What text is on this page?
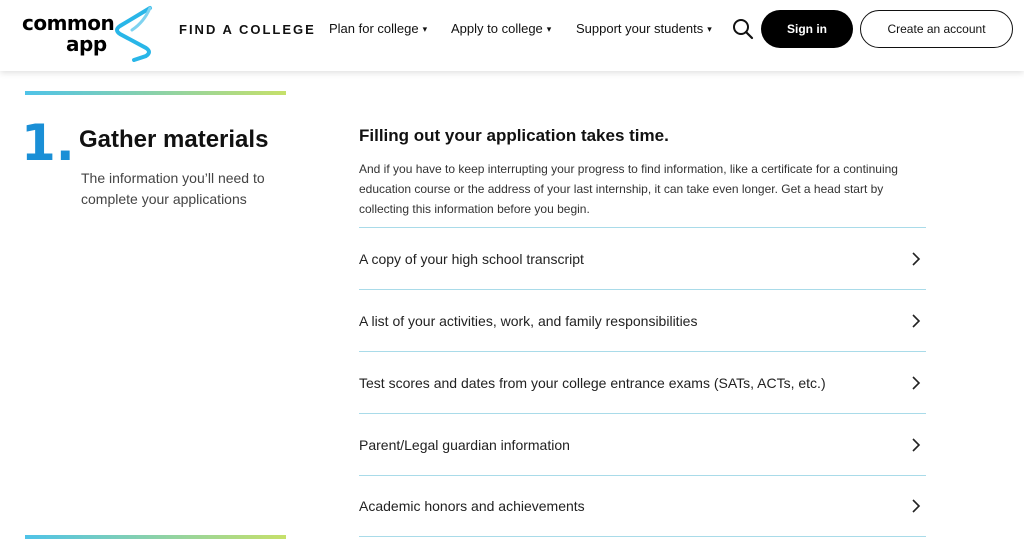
common
app
FIND A COLLEGE Plan for college ▾ Apply to college ▾ Support your students ▾	Sign in	Create an account
1. Gather materials
The information you’ll need to complete your applications
Filling out your application takes time.
And if you have to keep interrupting your progress to find information, like a certificate for a continuing education course or the address of your last internship, it can take even longer. Get a head start by collecting this information before you begin.
A copy of your high school transcript
A list of your activities, work, and family responsibilities
Test scores and dates from your college entrance exams (SATs, ACTs, etc.)
Parent/Legal guardian information
Academic honors and achievements
